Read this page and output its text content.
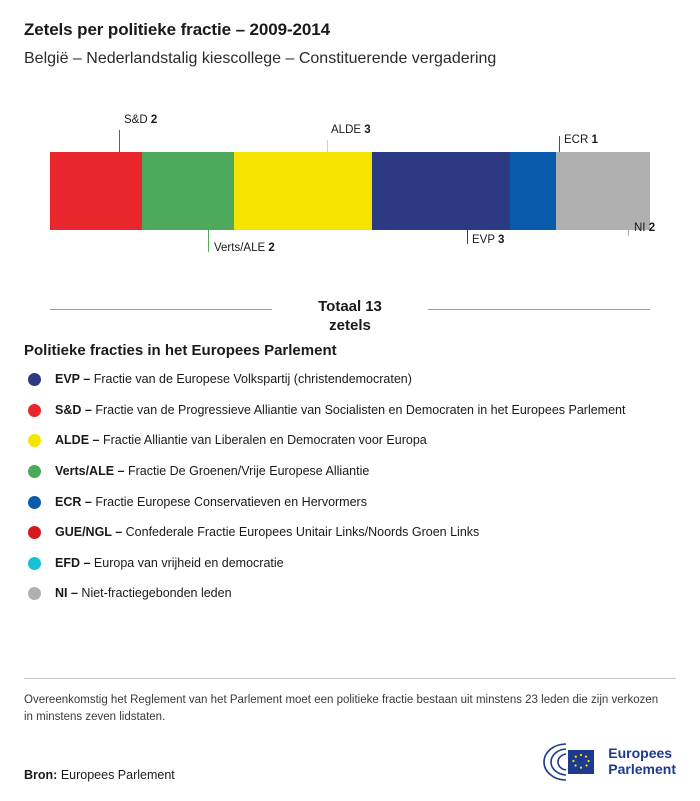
Zetels per politieke fractie – 2009-2014
België – Nederlandstalig kiescollege – Constituerende vergadering
S&D 2
ALDE 3
ECR 1
Verts/ALE 2
EVP 3
NI 2
Totaal 13
zetels
Politieke fracties in het Europees Parlement
EVP – Fractie van de Europese Volkspartij (christendemocraten)
S&D – Fractie van de Progressieve Alliantie van Socialisten en Democraten in het Europees Parlement
ALDE – Fractie Alliantie van Liberalen en Democraten voor Europa
Verts/ALE – Fractie De Groenen/Vrije Europese Alliantie
ECR – Fractie Europese Conservatieven en Hervormers
GUE/NGL – Confederale Fractie Europees Unitair Links/Noords Groen Links
EFD – Europa van vrijheid en democratie
NI – Niet-fractiegebonden leden
Overeenkomstig het Reglement van het Parlement moet een politieke fractie bestaan uit minstens 23 leden die zijn verkozen in minstens zeven lidstaten.
Bron: Europees Parlement
Europees
Parlement
